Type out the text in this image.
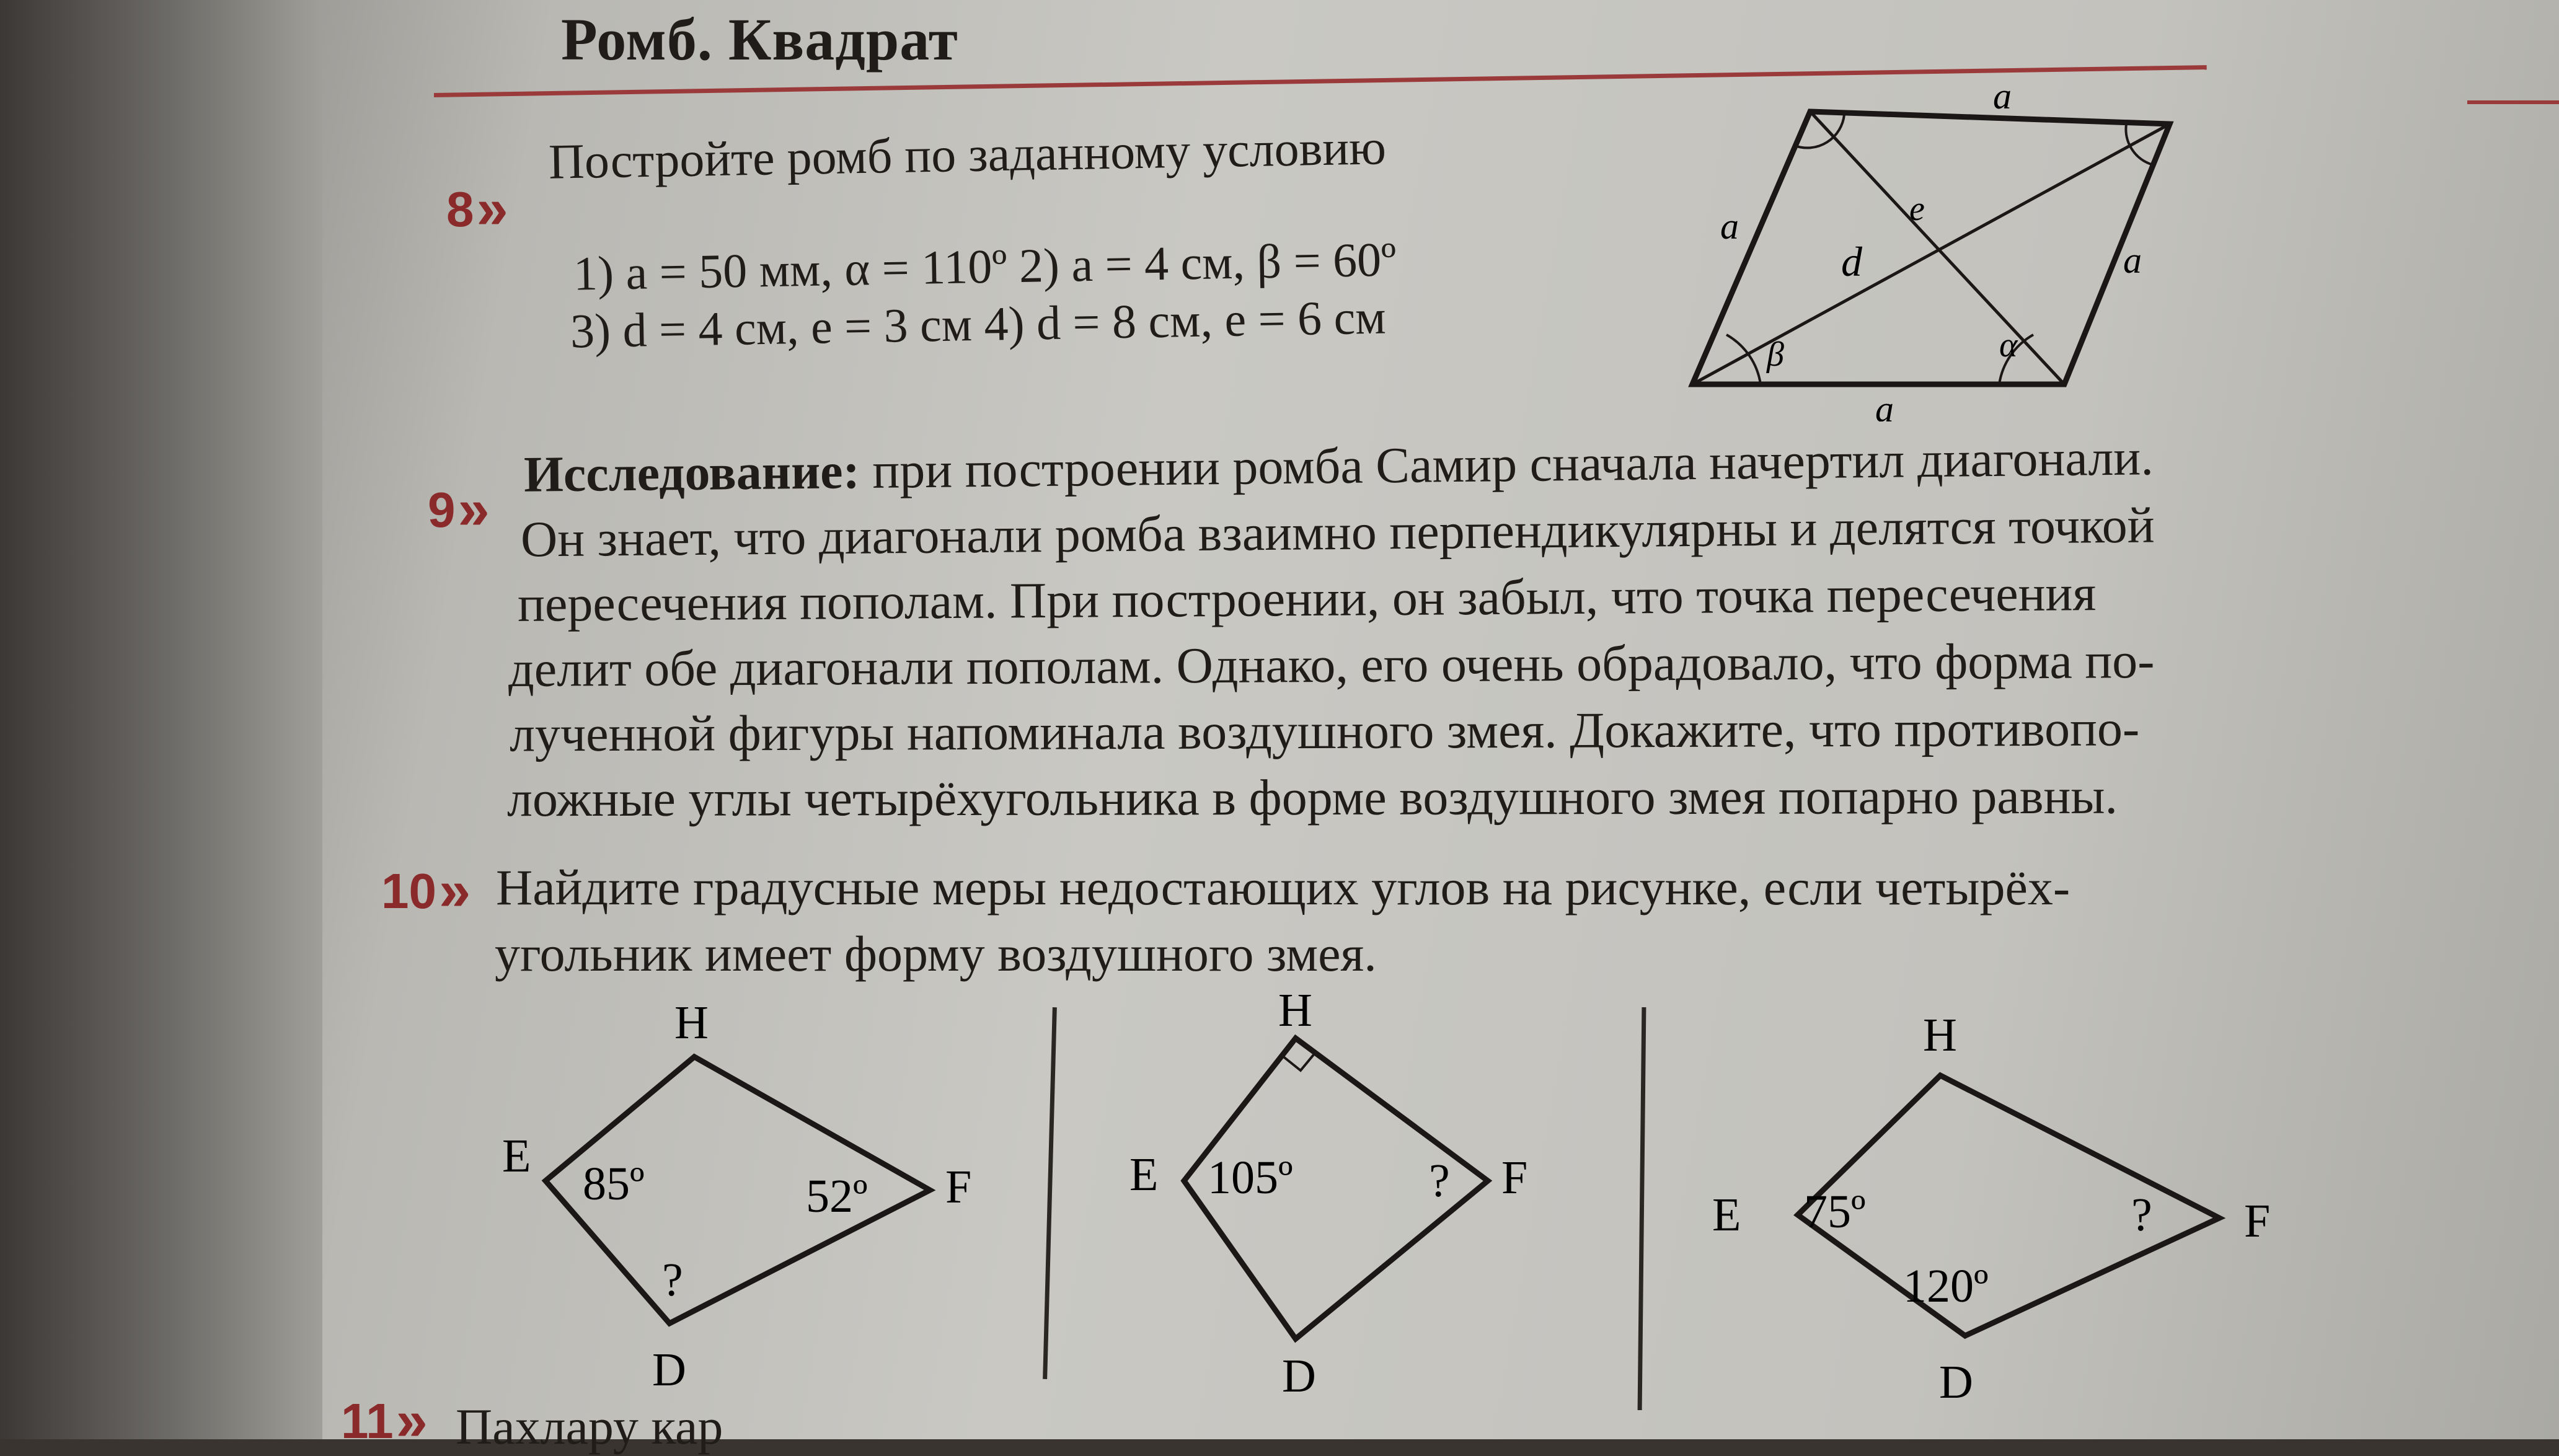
Ромб. Квадрат
8 »
Постройте ромб по заданному условию
1) a = 50 мм, α = 110º 2) a = 4 см, β = 60º
3) d = 4 см, e = 3 см 4) d = 8 см, e = 6 см
a
a
a
a
d
e
α
β
9 »
Исследование: при построении ромба Самир сначала начертил диагонали.
Он знает, что диагонали ромба взаимно перпендикулярны и делятся точкой
пересечения пополам. При построении, он забыл, что точка пересечения
делит обе диагонали пополам. Однако, его очень обрадовало, что форма по-
лученной фигуры напоминала воздушного змея. Докажите, что противопо-
ложные углы четырёхугольника в форме воздушного змея попарно равны.
10 » Найдите градусные меры недостающих углов на рисунке, если четырёх-
угольник имеет форму воздушного змея.
H
E
F
D
85º	52º
?
H
E	F
D
105º	?
H
E	F
D
75º	?
120º
11 » Пахлару кар
